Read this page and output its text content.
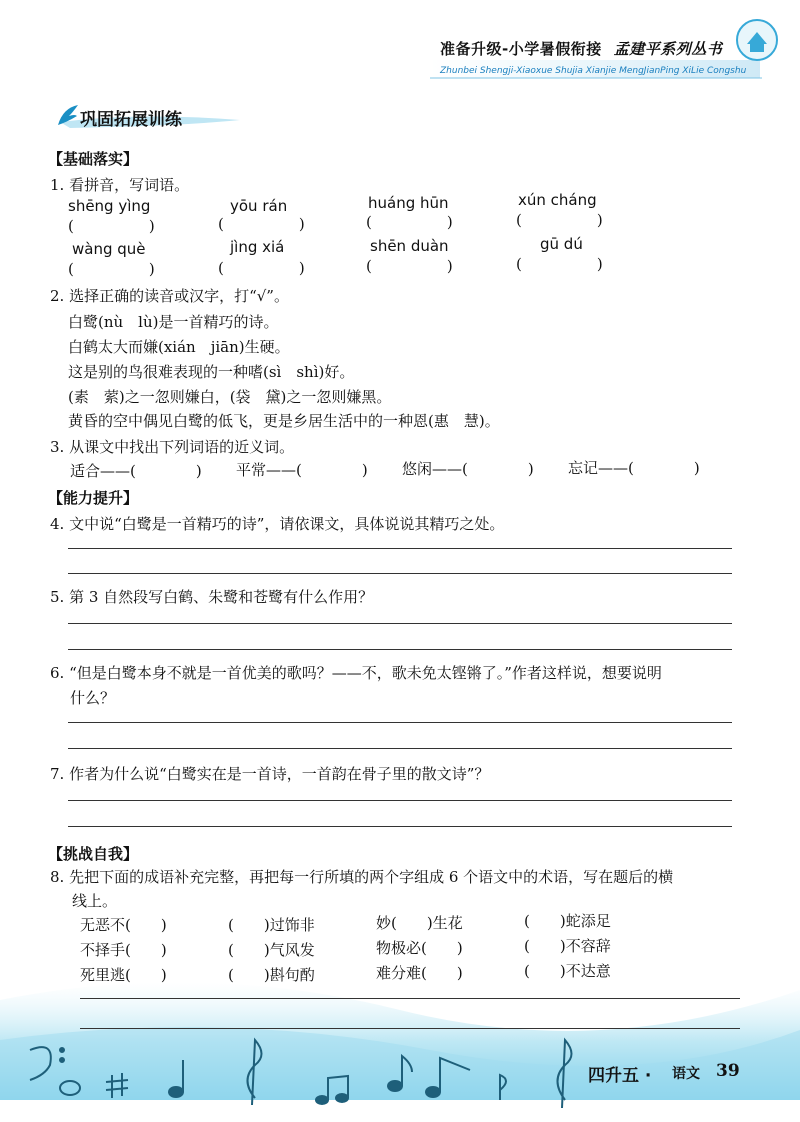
准备升级-小学暑假衔接 孟建平系列丛书
Zhunbei Shengji-Xiaoxue Shujia Xianjie MengJianPing XiLie Congshu
巩固拓展训练
【基础落实】
1. 看拼音，写词语。
shēng yìng	yōu rán	huáng hūn	xún cháng
(　　　　　)	(　　　　　)	(　　　　　)	(　　　　　)
wàng què	jìng xiá	shēn duàn	gū dú
(　　　　　)	(　　　　　)	(　　　　　)	(　　　　　)
2. 选择正确的读音或汉字，打“√”。
白鹭(nù　lù)是一首精巧的诗。
白鹤太大而嫌(xián　jiān)生硬。
这是别的鸟很难表现的一种嗜(sì　shì)好。
(素　萦)之一忽则嫌白，(袋　黛)之一忽则嫌黑。
黄昏的空中偶见白鹭的低飞，更是乡居生活中的一种恩(惠　慧)。
3. 从课文中找出下列词语的近义词。
适合——(　　　　) 平常——(　　　　) 悠闲——(　　　　) 忘记——(　　　　)
【能力提升】
4. 文中说“白鹭是一首精巧的诗”，请依课文，具体说说其精巧之处。
5. 第 3 自然段写白鹤、朱鹭和苍鹭有什么作用？
6. “但是白鹭本身不就是一首优美的歌吗？——不，歌未免太铿锵了。”作者这样说，想要说明
什么？
7. 作者为什么说“白鹭实在是一首诗，一首韵在骨子里的散文诗”？
【挑战自我】
8. 先把下面的成语补充完整，再把每一行所填的两个字组成 6 个语文中的术语，写在题后的横
线上。
无恶不(　　)	(　　)过饰非	妙(　　)生花	(　　)蛇添足
不择手(　　)	(　　)气风发	物极必(　　)	(　　)不容辞
死里逃(　　)	(　　)斟句酌	难分难(　　)	(　　)不达意
四升五 · 语文 39
